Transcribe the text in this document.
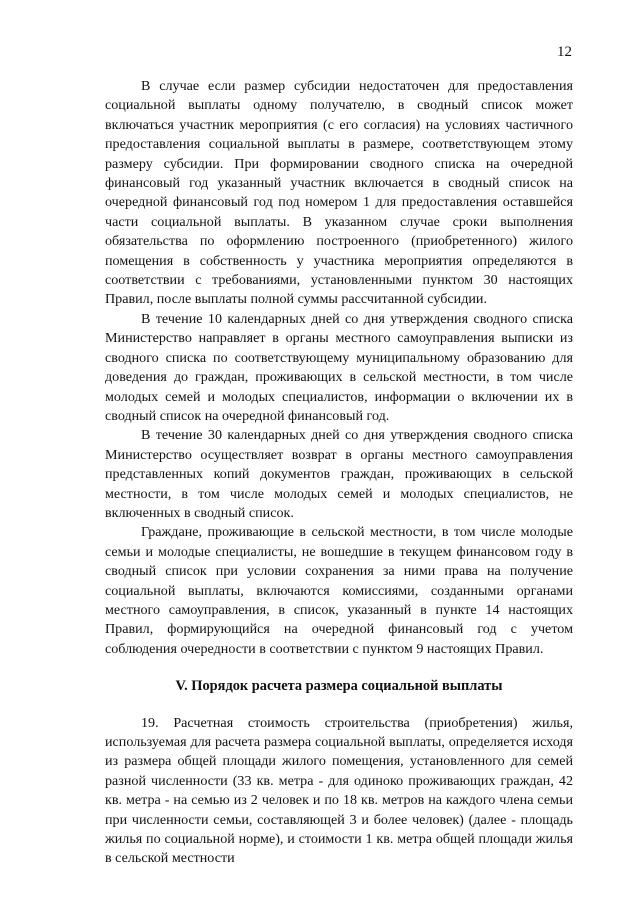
12

В случае если размер субсидии недостаточен для предоставления социальной выплаты одному получателю, в сводный список может включаться участник мероприятия (с его согласия) на условиях частичного предоставления социальной выплаты в размере, соответствующем этому размеру субсидии. При формировании сводного списка на очередной финансовый год указанный участник включается в сводный список на очередной финансовый год под номером 1 для предоставления оставшейся части социальной выплаты. В указанном случае сроки выполнения обязательства по оформлению построенного (приобретенного) жилого помещения в собственность у участника мероприятия определяются в соответствии с требованиями, установленными пунктом 30 настоящих Правил, после выплаты полной суммы рассчитанной субсидии.

В течение 10 календарных дней со дня утверждения сводного списка Министерство направляет в органы местного самоуправления выписки из сводного списка по соответствующему муниципальному образованию для доведения до граждан, проживающих в сельской местности, в том числе молодых семей и молодых специалистов, информации о включении их в сводный список на очередной финансовый год.

В течение 30 календарных дней со дня утверждения сводного списка Министерство осуществляет возврат в органы местного самоуправления представленных копий документов граждан, проживающих в сельской местности, в том числе молодых семей и молодых специалистов, не включенных в сводный список.

Граждане, проживающие в сельской местности, в том числе молодые семьи и молодые специалисты, не вошедшие в текущем финансовом году в сводный список при условии сохранения за ними права на получение социальной выплаты, включаются комиссиями, созданными органами местного самоуправления, в список, указанный в пункте 14 настоящих Правил, формирующийся на очередной финансовый год с учетом соблюдения очередности в соответствии с пунктом 9 настоящих Правил.

V. Порядок расчета размера социальной выплаты

19. Расчетная стоимость строительства (приобретения) жилья, используемая для расчета размера социальной выплаты, определяется исходя из размера общей площади жилого помещения, установленного для семей разной численности (33 кв. метра - для одиноко проживающих граждан, 42 кв. метра - на семью из 2 человек и по 18 кв. метров на каждого члена семьи при численности семьи, составляющей 3 и более человек) (далее - площадь жилья по социальной норме), и стоимости 1 кв. метра общей площади жилья в сельской местности
